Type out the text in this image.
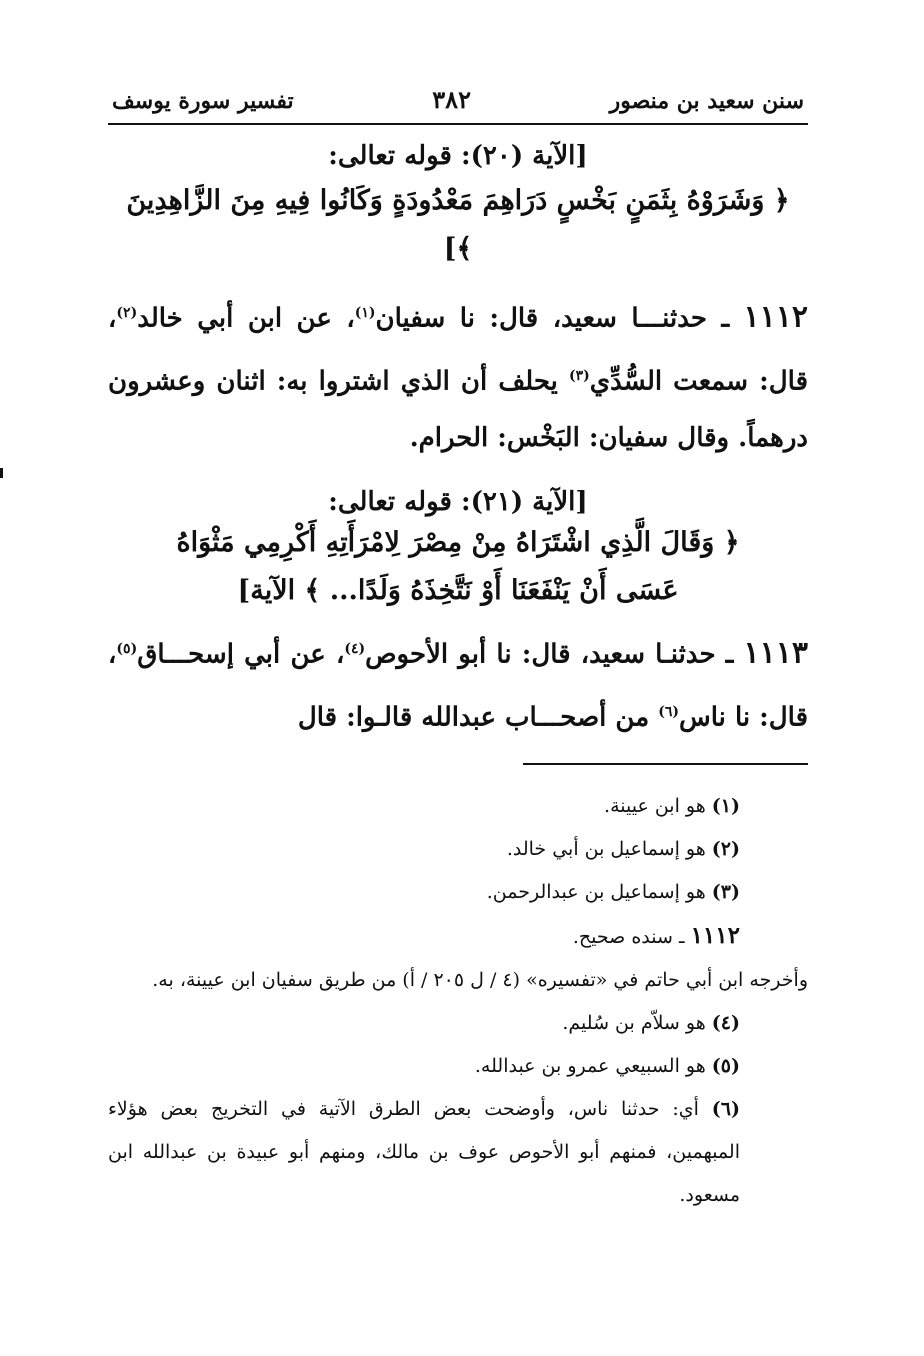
سنن سعيد بن منصور
٣٨٢
تفسير سورة يوسف
[الآية (٢٠): قوله تعالى:
﴿ وَشَرَوْهُ بِثَمَنٍ بَخْسٍ دَرَاهِمَ مَعْدُودَةٍ وَكَانُوا فِيهِ مِنَ الزَّاهِدِينَ ﴾]
١١١٢ ـ حدثنـــا سعيد، قال: نا سفيان$^{(١)}$، عن ابن أبي خالد$^{(٢)}$، قال: سمعت السُّدِّي$^{(٣)}$ يحلف أن الذي اشتروا به: اثنان وعشرون درهماً. وقال سفيان: البَخْس: الحرام.
[الآية (٢١): قوله تعالى:
﴿ وَقَالَ الَّذِي اشْتَرَاهُ مِنْ مِصْرَ لِامْرَأَتِهِ أَكْرِمِي مَثْوَاهُ
عَسَى أَنْ يَنْفَعَنَا أَوْ نَتَّخِذَهُ وَلَدًا... ﴾ الآية]
١١١٣ ـ حدثنـا سعيد، قال: نا أبو الأحوص$^{(٤)}$، عن أبي إسحـــاق$^{(٥)}$، قال: نا ناس$^{(٦)}$ من أصحـــاب عبدالله قالـوا: قال
(١) هو ابن عيينة.
(٢) هو إسماعيل بن أبي خالد.
(٣) هو إسماعيل بن عبدالرحمن.
١١١٢ ـ سنده صحيح.
وأخرجه ابن أبي حاتم في «تفسيره» (٤ / ل ٢٠٥ / أ) من طريق سفيان ابن عيينة، به.
(٤) هو سلاّم بن سُليم.
(٥) هو السبيعي عمرو بن عبدالله.
(٦) أي: حدثنا ناس، وأوضحت بعض الطرق الآتية في التخريج بعض هؤلاء المبهمين، فمنهم أبو الأحوص عوف بن مالك، ومنهم أبو عبيدة بن عبدالله ابن مسعود.
